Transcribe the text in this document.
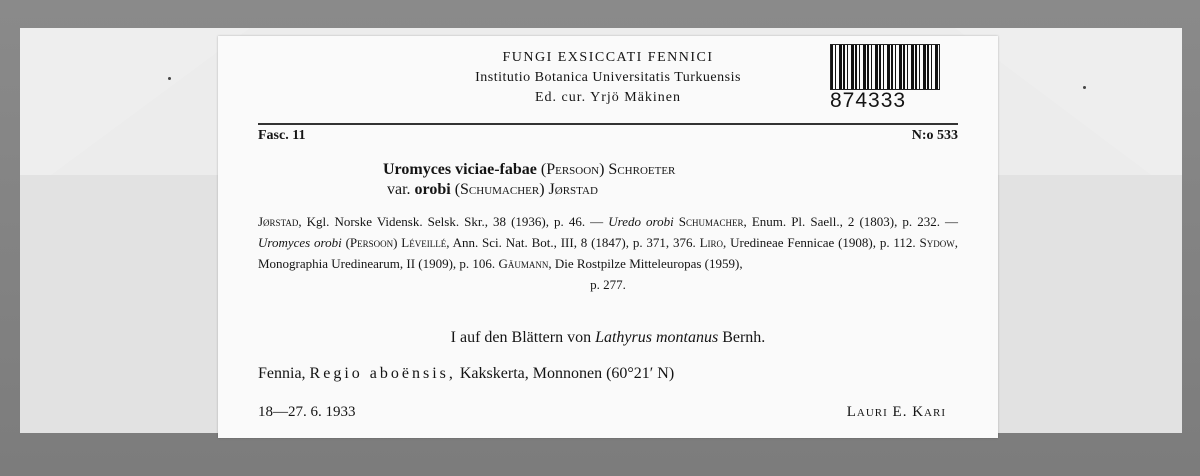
FUNGI EXSICCATI FENNICI
Institutio Botanica Universitatis Turkuensis
Ed. cur. Yrjö Mäkinen	874333
Fasc. 11	N:o 533
Uromyces viciae-fabae (Persoon) Schroeter
var. orobi (Schumacher) Jørstad
Jørstad, Kgl. Norske Vidensk. Selsk. Skr., 38 (1936), p. 46. — Uredo orobi Schumacher, Enum. Pl. Saell., 2 (1803), p. 232. — Uromyces orobi (Persoon) Léveillé, Ann. Sci. Nat. Bot., III, 8 (1847), p. 371, 376. Liro, Uredineae Fennicae (1908), p. 112. Sydow, Monographia Uredinearum, II (1909), p. 106. Gäumann, Die Rostpilze Mitteleuropas (1959),
p. 277.
I auf den Blättern von Lathyrus montanus Bernh.
Fennia, Regio aboënsis, Kakskerta, Monnonen (60°21′ N)
18—27. 6. 1933	Lauri E. Kari
